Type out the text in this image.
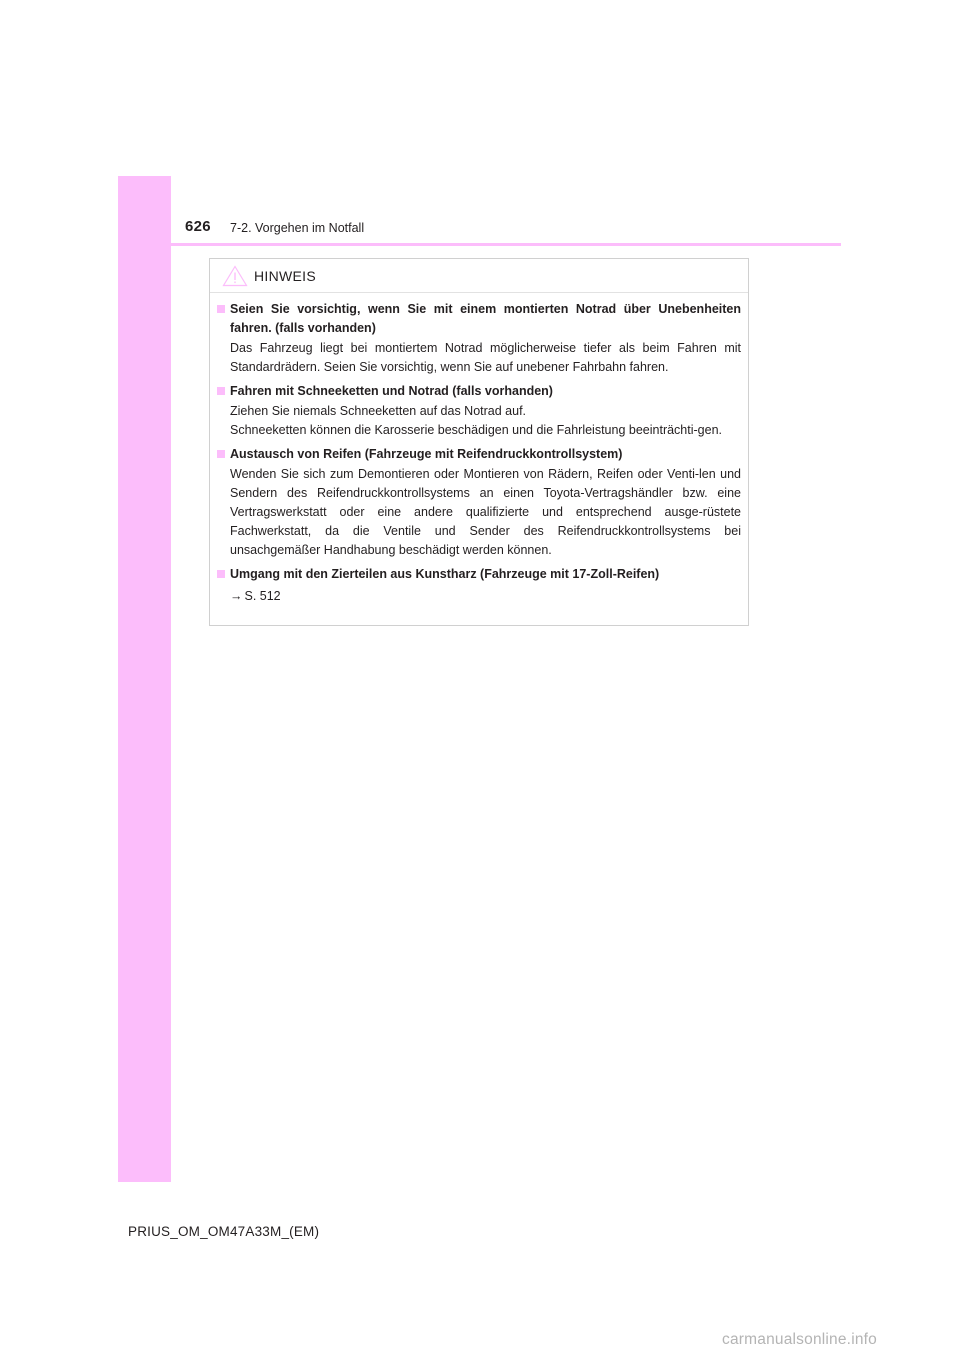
626 7-2. Vorgehen im Notfall
HINWEIS
Seien Sie vorsichtig, wenn Sie mit einem montierten Notrad über Unebenheiten fahren. (falls vorhanden)
Das Fahrzeug liegt bei montiertem Notrad möglicherweise tiefer als beim Fahren mit Standardrädern. Seien Sie vorsichtig, wenn Sie auf unebener Fahrbahn fahren.
Fahren mit Schneeketten und Notrad (falls vorhanden)
Ziehen Sie niemals Schneeketten auf das Notrad auf.
Schneeketten können die Karosserie beschädigen und die Fahrleistung beeinträchti-gen.
Austausch von Reifen (Fahrzeuge mit Reifendruckkontrollsystem)
Wenden Sie sich zum Demontieren oder Montieren von Rädern, Reifen oder Venti-len und Sendern des Reifendruckkontrollsystems an einen Toyota-Vertragshändler bzw. eine Vertragswerkstatt oder eine andere qualifizierte und entsprechend ausge-rüstete Fachwerkstatt, da die Ventile und Sender des Reifendruckkontrollsystems bei unsachgemäßer Handhabung beschädigt werden können.
Umgang mit den Zierteilen aus Kunstharz (Fahrzeuge mit 17-Zoll-Reifen)
→ S. 512
PRIUS_OM_OM47A33M_(EM)
carmanualsonline.info
